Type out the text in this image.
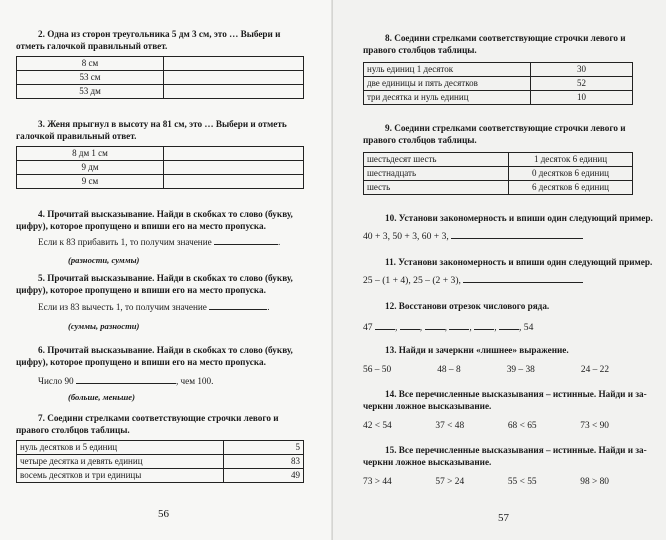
2. Одна из сторон треугольника 5 дм 3 см, это … Выбери и

отметь галочкой правильный ответ.

8 см	
53 см	
53 дм	

3. Женя прыгнул в высоту на 81 см, это … Выбери и отметь

галочкой правильный ответ.

8 дм 1 см	
9 дм	
9 см	

4. Прочитай высказывание. Найди в скобках то слово (букву,

цифру), которое пропущено и впиши его на место пропуска.

Если к 83 прибавить 1, то получим значение	.

(разности, суммы)

5. Прочитай высказывание. Найди в скобках то слово (букву,

цифру), которое пропущено и впиши его на место пропуска.

Если из 83 вычесть 1, то получим значение	.

(суммы, разности)

6. Прочитай высказывание. Найди в скобках то слово (букву,

цифру), которое пропущено и впиши его на место пропуска.

Число 90	, чем 100.

(больше, меньше)

7. Соедини стрелками соответствующие строчки левого и

правого столбцов таблицы.

нуль десятков и 5 единиц	5
четыре десятка и девять единиц	83
восемь десятков и три единицы	49
56

8. Соедини стрелками соответствующие строчки левого и

правого столбцов таблицы.

нуль единиц 1 десяток	30
две единицы и пять десятков	52
три десятка и нуль единиц	10

9. Соедини стрелками соответствующие строчки левого и

правого столбцов таблицы.

шестьдесят шесть	1 десяток 6 единиц
шестнадцать	0 десятков 6 единиц
шесть	6 десятков 6 единиц

10. Установи закономерность и впиши один следующий пример.

40 + 3, 50 + 3, 60 + 3,

11. Установи закономерность и впиши один следующий пример.

25 – (1 + 4), 25 – (2 + 3),

12. Восстанови отрезок числового ряда.

47 , , , , , , 54

13. Найди и зачеркни «лишнее» выражение.

56 – 50	48 – 8	39 – 38	24 – 22

14. Все перечисленные высказывания – истинные. Найди и за-

черкни ложное высказывание.

42 < 54	37 < 48	68 < 65	73 < 90

15. Все перечисленные высказывания – истинные. Найди и за-

черкни ложное высказывание.

73 > 44	57 > 24	55 < 55	98 > 80
57
